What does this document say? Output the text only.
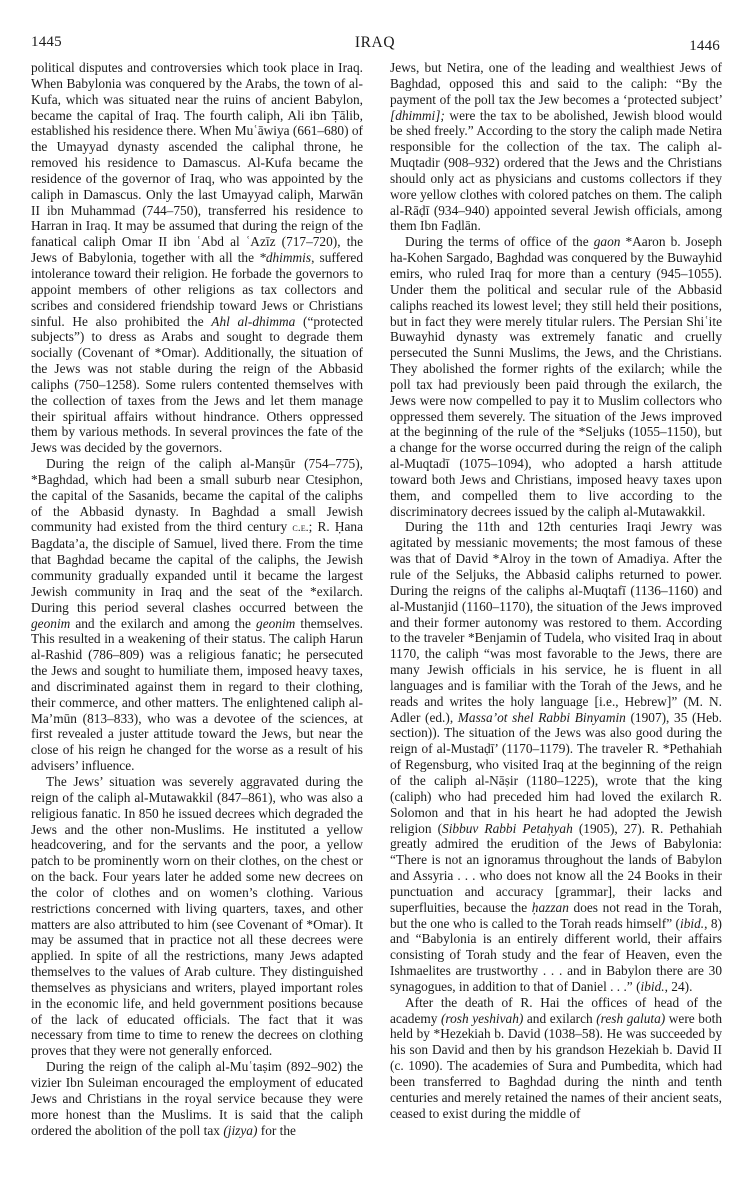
1445	IRAQ	1446

political disputes and controversies which took place in Iraq. When Babylonia was conquered by the Arabs, the town of al-Kufa, which was situated near the ruins of ancient Babylon, became the capital of Iraq. The fourth caliph, Ali ibn Ṭālib, established his residence there. When Muʿāwiya (661–680) of the Umayyad dynasty ascended the caliphal throne, he removed his residence to Damascus. Al-Kufa became the residence of the governor of Iraq, who was appointed by the caliph in Damascus. Only the last Umayyad caliph, Marwān II ibn Muhammad (744–750), transferred his residence to Harran in Iraq. It may be assumed that during the reign of the fanatical caliph Omar II ibn ʿAbd al ʿAzīz (717–720), the Jews of Babylonia, together with all the *dhimmis, suffered intolerance toward their religion. He forbade the governors to appoint members of other religions as tax collectors and scribes and considered friendship toward Jews or Christians sinful. He also prohibited the Ahl al-dhimma (“protected subjects”) to dress as Arabs and sought to degrade them socially (Covenant of *Omar). Additionally, the situation of the Jews was not stable during the reign of the Abbasid caliphs (750–1258). Some rulers contented themselves with the collection of taxes from the Jews and let them manage their spiritual affairs without hindrance. Others oppressed them by various methods. In several provinces the fate of the Jews was decided by the governors.

During the reign of the caliph al-Manṣūr (754–775), *Baghdad, which had been a small suburb near Ctesiphon, the capital of the Sasanids, became the capital of the caliphs of the Abbasid dynasty. In Baghdad a small Jewish community had existed from the third century c.e.; R. Ḥana Bagdata’a, the disciple of Samuel, lived there. From the time that Baghdad became the capital of the caliphs, the Jewish community gradually expanded until it became the largest Jewish community in Iraq and the seat of the *exilarch. During this period several clashes occurred between the geonim and the exilarch and among the geonim themselves. This resulted in a weakening of their status. The caliph Harun al-Rashid (786–809) was a religious fanatic; he persecuted the Jews and sought to humiliate them, imposed heavy taxes, and discriminated against them in regard to their clothing, their commerce, and other matters. The enlightened caliph al-Ma’mūn (813–833), who was a devotee of the sciences, at first revealed a juster attitude toward the Jews, but near the close of his reign he changed for the worse as a result of his advisers’ influence.

The Jews’ situation was severely aggravated during the reign of the caliph al-Mutawakkil (847–861), who was also a religious fanatic. In 850 he issued decrees which degraded the Jews and the other non-Muslims. He instituted a yellow headcovering, and for the servants and the poor, a yellow patch to be prominently worn on their clothes, on the chest or on the back. Four years later he added some new decrees on the color of clothes and on women’s clothing. Various restrictions concerned with living quarters, taxes, and other matters are also attributed to him (see Covenant of *Omar). It may be assumed that in practice not all these decrees were applied. In spite of all the restrictions, many Jews adapted themselves to the values of Arab culture. They distinguished themselves as physicians and writers, played important roles in the economic life, and held government positions because of the lack of educated officials. The fact that it was necessary from time to time to renew the decrees on clothing proves that they were not generally enforced.

During the reign of the caliph al-Muʿtaṣim (892–902) the vizier Ibn Suleiman encouraged the employment of educated Jews and Christians in the royal service because they were more honest than the Muslims. It is said that the caliph ordered the abolition of the poll tax (jizya) for the

Jews, but Netira, one of the leading and wealthiest Jews of Baghdad, opposed this and said to the caliph: “By the payment of the poll tax the Jew becomes a ‘protected subject’ [dhimmi]; were the tax to be abolished, Jewish blood would be shed freely.” According to the story the caliph made Netira responsible for the collection of the tax. The caliph al-Muqtadir (908–932) ordered that the Jews and the Christians should only act as physicians and customs collectors if they wore yellow clothes with colored patches on them. The caliph al-Rāḍī (934–940) appointed several Jewish officials, among them Ibn Faḍlān.

During the terms of office of the gaon *Aaron b. Joseph ha-Kohen Sargado, Baghdad was conquered by the Buwayhid emirs, who ruled Iraq for more than a century (945–1055). Under them the political and secular rule of the Abbasid caliphs reached its lowest level; they still held their positions, but in fact they were merely titular rulers. The Persian Shiʿite Buwayhid dynasty was extremely fanatic and cruelly persecuted the Sunni Muslims, the Jews, and the Christians. They abolished the former rights of the exilarch; while the poll tax had previously been paid through the exilarch, the Jews were now compelled to pay it to Muslim collectors who oppressed them severely. The situation of the Jews improved at the beginning of the rule of the *Seljuks (1055–1150), but a change for the worse occurred during the reign of the caliph al-Muqtadī (1075–1094), who adopted a harsh attitude toward both Jews and Christians, imposed heavy taxes upon them, and compelled them to live according to the discriminatory decrees issued by the caliph al-Mutawakkil.

During the 11th and 12th centuries Iraqi Jewry was agitated by messianic movements; the most famous of these was that of David *Alroy in the town of Amadiya. After the rule of the Seljuks, the Abbasid caliphs returned to power. During the reigns of the caliphs al-Muqtafī (1136–1160) and al-Mustanjid (1160–1170), the situation of the Jews improved and their former autonomy was restored to them. According to the traveler *Benjamin of Tudela, who visited Iraq in about 1170, the caliph “was most favorable to the Jews, there are many Jewish officials in his service, he is fluent in all languages and is familiar with the Torah of the Jews, and he reads and writes the holy language [i.e., Hebrew]” (M. N. Adler (ed.), Massa’ot shel Rabbi Binyamin (1907), 35 (Heb. section)). The situation of the Jews was also good during the reign of al-Mustaḍī’ (1170–1179). The traveler R. *Pethahiah of Regensburg, who visited Iraq at the beginning of the reign of the caliph al-Nāṣir (1180–1225), wrote that the king (caliph) who had preceded him had loved the exilarch R. Solomon and that in his heart he had adopted the Jewish religion (Sibbuv Rabbi Petaḥyah (1905), 27). R. Pethahiah greatly admired the erudition of the Jews of Babylonia: “There is not an ignoramus throughout the lands of Babylon and Assyria . . . who does not know all the 24 Books in their punctuation and accuracy [grammar], their lacks and superfluities, because the ḥazzan does not read in the Torah, but the one who is called to the Torah reads himself” (ibid., 8) and “Babylonia is an entirely different world, their affairs consisting of Torah study and the fear of Heaven, even the Ishmaelites are trustworthy . . . and in Babylon there are 30 synagogues, in addition to that of Daniel . . .” (ibid., 24).

After the death of R. Hai the offices of head of the academy (rosh yeshivah) and exilarch (resh galuta) were both held by *Hezekiah b. David (1038–58). He was succeeded by his son David and then by his grandson Hezekiah b. David II (c. 1090). The academies of Sura and Pumbedita, which had been transferred to Baghdad during the ninth and tenth centuries and merely retained the names of their ancient seats, ceased to exist during the middle of
